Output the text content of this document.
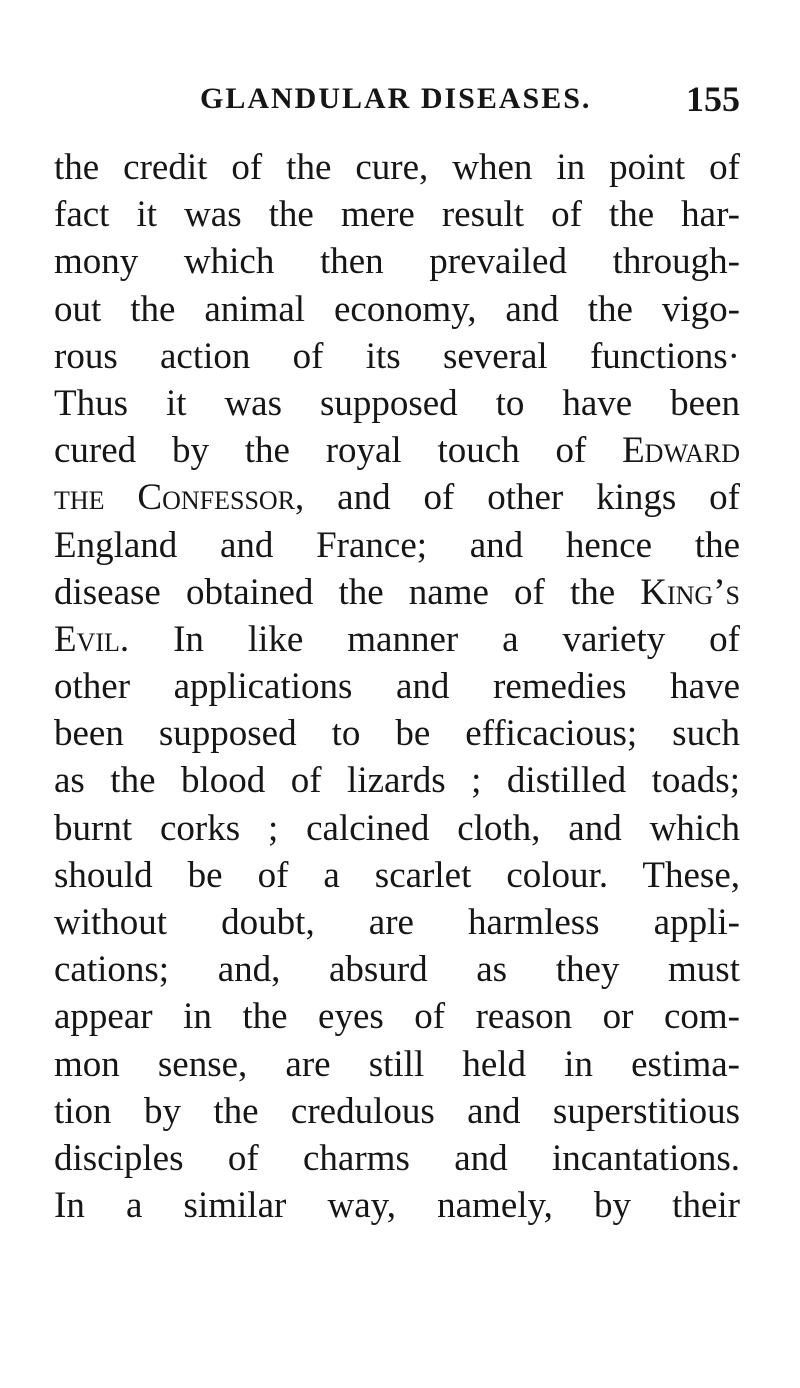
GLANDULAR DISEASES.	155
the credit of the cure, when in point of
fact it was the mere result of the har-
mony which then prevailed through-
out the animal economy, and the vigo-
rous action of its several functions·
Thus it was supposed to have been
cured by the royal touch of Edward
the Confessor, and of other kings of
England and France; and hence the
disease obtained the name of the King’s
Evil. In like manner a variety of
other applications and remedies have
been supposed to be efficacious; such
as the blood of lizards ; distilled toads;
burnt corks ; calcined cloth, and which
should be of a scarlet colour. These,
without doubt, are harmless appli-
cations; and, absurd as they must
appear in the eyes of reason or com-
mon sense, are still held in estima-
tion by the credulous and superstitious
disciples of charms and incantations.
In a similar way, namely, by their
